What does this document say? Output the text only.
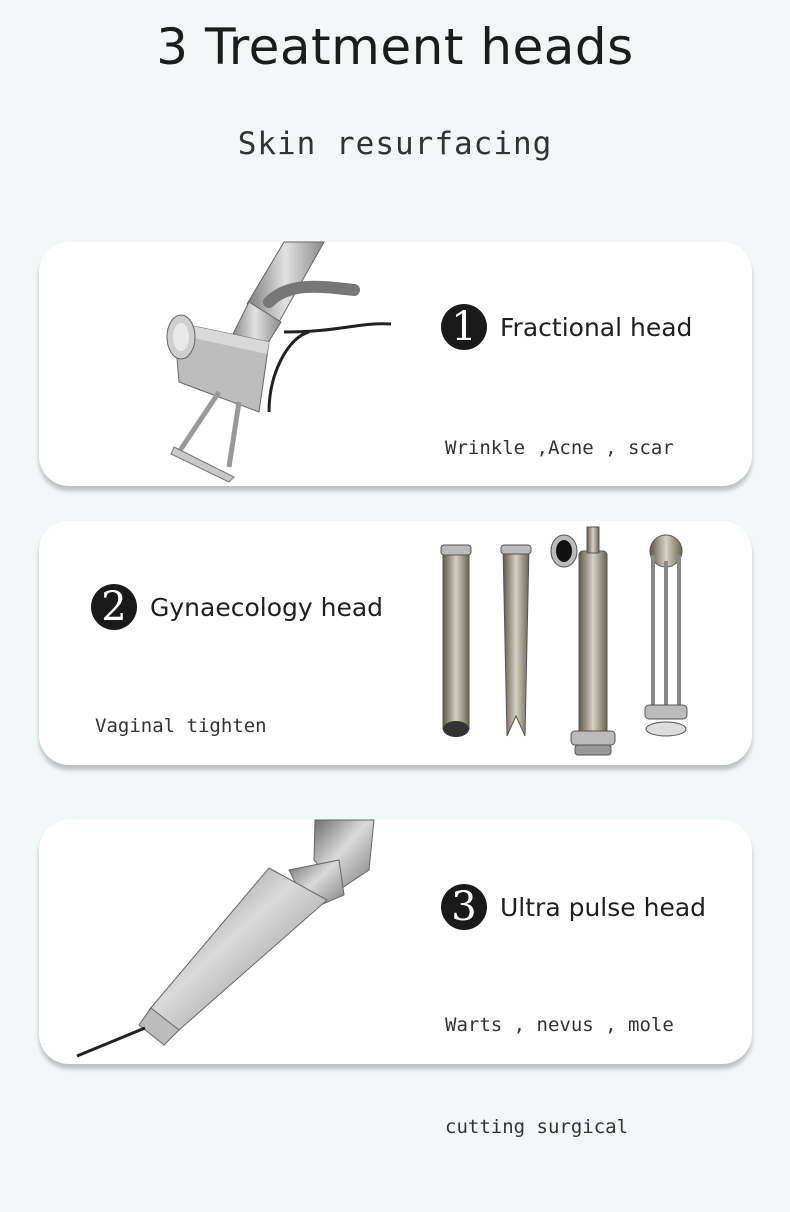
3 Treatment heads
Skin resurfacing
1 Fractional head

Wrinkle ,Acne , scar

2 Gynaecology head

Vaginal tighten

3 Ultra pulse head

Warts , nevus , mole

cutting surgical
